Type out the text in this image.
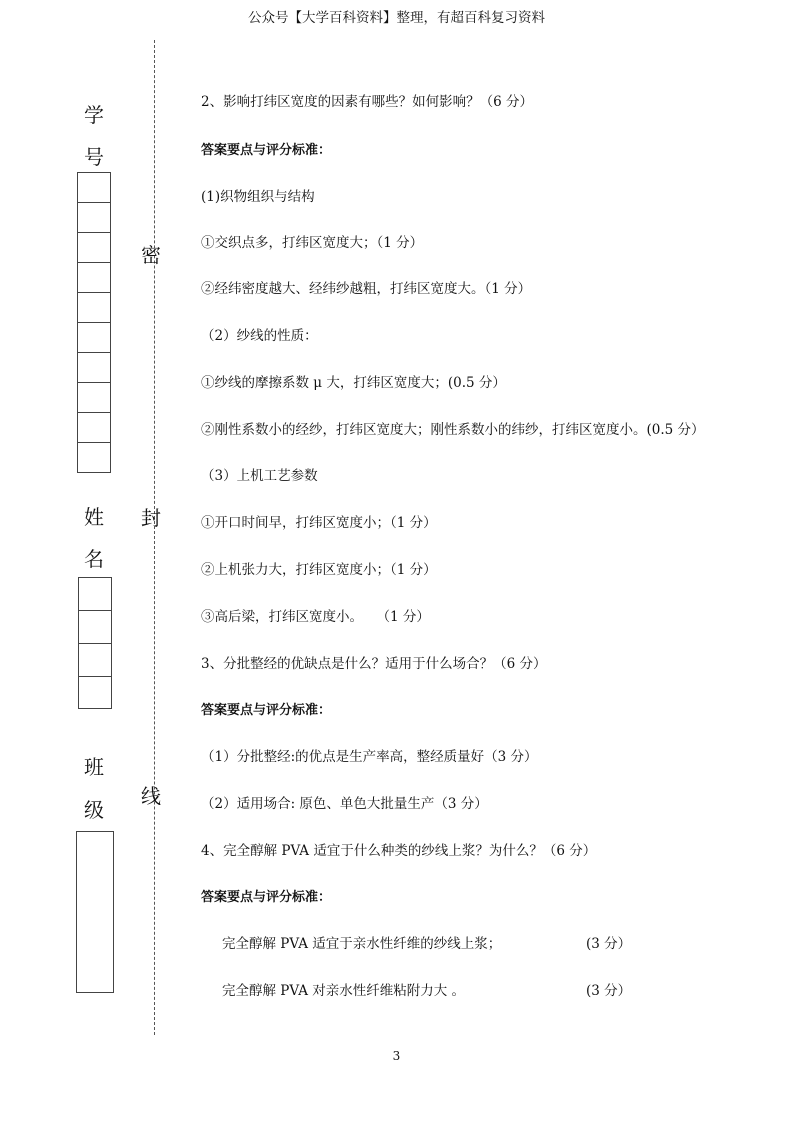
公众号【大学百科资料】整理，有超百科复习资料
学
号
姓
名
班
级
密
封
线
2、影响打纬区宽度的因素有哪些？如何影响？（6 分）
答案要点与评分标准：
(1)织物组织与结构
①交织点多，打纬区宽度大；（1 分）
②经纬密度越大、经纬纱越粗，打纬区宽度大。（1 分）
（2）纱线的性质：
①纱线的摩擦系数 μ 大，打纬区宽度大；(0.5 分）
②刚性系数小的经纱，打纬区宽度大；刚性系数小的纬纱，打纬区宽度小。(0.5 分）
（3）上机工艺参数
①开口时间早，打纬区宽度小；（1 分）
②上机张力大，打纬区宽度小；（1 分）
③高后梁，打纬区宽度小。　　（1 分）
3、分批整经的优缺点是什么？适用于什么场合？（6 分）
答案要点与评分标准：
（1）分批整经:的优点是生产率高，整经质量好（3 分）
（2）适用场合: 原色、单色大批量生产（3 分）
4、完全醇解 PVA 适宜于什么种类的纱线上浆？为什么？（6 分）
答案要点与评分标准：
完全醇解 PVA 适宜于亲水性纤维的纱线上浆；	(3 分）
完全醇解 PVA 对亲水性纤维粘附力大 。	(3 分）
3
